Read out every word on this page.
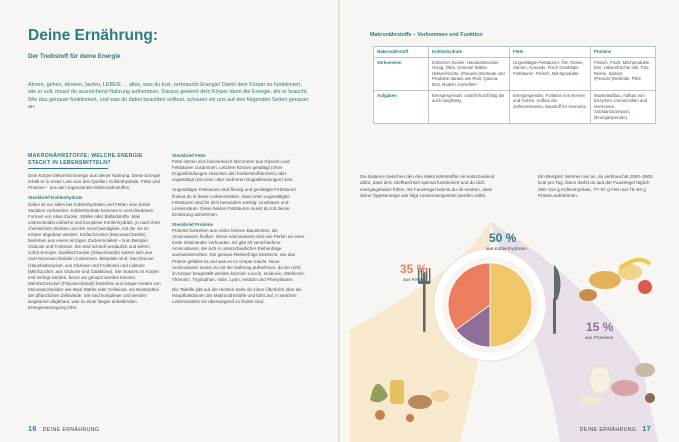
Deine Ernährung:
Der Treibstoff für deine Energie
Atmen, gehen, denken, laufen, LEBEN … alles, was du tust, verbraucht Energie! Damit dein Körper so funktioniert, wie er soll, musst du ausreichend Nahrung aufnehmen. Daraus gewinnt dein Körper dann die Energie, die er braucht. Wie das genauer funktioniert, und was du dabei beachten solltest, schauen wir uns auf den folgenden Seiten genauer an.
MAKRONÄHRSTOFFE: WELCHE ENERGIE STECKT IN LEBENSMITTELN?
Dein Körper bekommt Energie aus deiner Nahrung. Diese Energie erhält er in erster Linie aus drei Quellen: Kohlenhydrate, Fette und Proteine – aus den sogenannten Makronährstoffen.
Steckbrief Kohlenhydrate
Dabei ist vor allem bei Kohlenhydraten und Fetten eine breite Variation vorhanden. Kohlenhydrate kommen in verschiedenen Formen vor, etwa Zucker, Stärke oder Ballaststoffe. Man unterscheidet einfache und komplexe Kohlenhydrate, je nach ihrer chemischen Struktur und der Geschwindigkeit, mit der sie im Körper abgebaut werden. Einfachzucker (Monosaccharide) bestehen aus einem einzigen Zuckermolekül – zum Beispiel Glukose und Fruktose. Sie sind schnell verdaulich und liefern sofort Energie. Zweifachzucker (Disaccharide) setzen sich aus zwei Monosacchariden zusammen. Beispiele sind: Saccharose (Haushaltszucker, aus Glukose und Fruktose) und Laktose (Milchzucker, aus Glukose und Galaktose). Sie müssen im Körper erst zerlegt werden, bevor sie genutzt werden können. Mehrfachzucker (Polysaccharide) bestehen aus langen Ketten von Monosacchariden wie etwa Stärke oder Cellulose, ein Bestandteil der pflanzlichen Zellwände. Sie sind komplexer und werden langsamer abgebaut, was zu einer länger anhaltenden Energieversorgung führt.
Steckbrief Fette
Fette setzen sich biochemisch fast immer aus Glycerin und Fettsäuren zusammen. Letztere können gesättigt (ohne Doppelbindungen zwischen den Kohlenstoffatomen) oder ungesättigt (mit einer oder mehreren Doppelbindungen) sein.
Ungesättigte Fettsäuren sind flüssig und gesättigte Fettsäuren findest du in festen Lebensmitteln. Zwei Arten ungesättigter Fettsäuren sind für dich besonders wichtig: Linolsäure und Linolensäure. Diese beiden Fettsäuren musst du mit deiner Ernährung aufnehmen.
Steckbrief Proteine
Proteine bestehen aus vielen kleinen Bausteinen, die Aminosäuren heißen. Diese Aminosäuren sind wie Perlen an einer Kette miteinander verbunden. Es gibt 20 verschiedene Aminosäuren, die sich in unterschiedlicher Reihenfolge aneinanderreihen. Die genaue Reihenfolge bestimmt, wie das Protein gefaltet ist und was es im Körper macht. Neun Aminosäuren musst du mit der Nahrung aufnehmen, da sie nicht im Körper hergestellt werden können: Leucin, Isoleucin, Methionin, Threonin, Tryptophan, Valin, Lysin, Histidin und Phenylalanin.
Die Tabelle gibt auf der rechten Seite dir einen Überblick über die Hauptfunktionen der Makronährstoffe und führt auf, in welchen Lebensmitteln sie überwiegend zu finden sind.
16 DEINE ERNÄHRUNG
Makronährstoffe – Vorkommen und Funktion
Makronährstoff	Kohlenhydrate	Fette	Proteine
Vorkommen	Einfacher Zucker: Haushaltszucker, Honig, Obst, Gemüse Stärke: Hülsenfrüchte, (Pseudo-)Getreide und Produkte daraus wie Reis, Quinoa, Brot, Nudeln, Kartoffeln	Ungesättigte Fettsäuren: Öle, Nüsse, Samen, Avocado, Fisch Gesättigte Fettsäuren: Fleisch, Milchprodukte	Fleisch, Fisch, Milchprodukte, Eier, Hülsenfrüchte inkl. Tofu, Nüsse, Samen, (Pseudo-)Getreide, Pilze
Aufgaben	Energiespender, sowohl kurzfristig als auch langfristig	Energiespender, Funktion von Nerven und Gehirn, Aufbau der Zellmembranen, Baustoff für Hormone	Muskelaufbau, Aufbau von Enzymen, Immunzellen und Hormonen, Substanztransport, (Energiespender)
Die Balance zwischen den drei Makronährstoffen ist entscheidend dafür, dass dein Stoffwechsel optimal funktioniert und du dich energiegeladen fühlst. Als Faustregel kannst du dir merken, dass deine Tagesenergie wie folgt zusammengesetzt werden sollte:
Ein Beispiel: Nehmen wir an, du verbrauchst 2000–2500 kcal pro Tag. Dann darfst du laut der Faustregel täglich 250–312 g Kohlenhydrate, 77–97 g Fett und 75–94 g Protein aufnehmen.
50 %
aus Kohlenhydraten
35 %
aus Fetten
15 %
aus Proteinen
DEINE ERNÄHRUNG 17
